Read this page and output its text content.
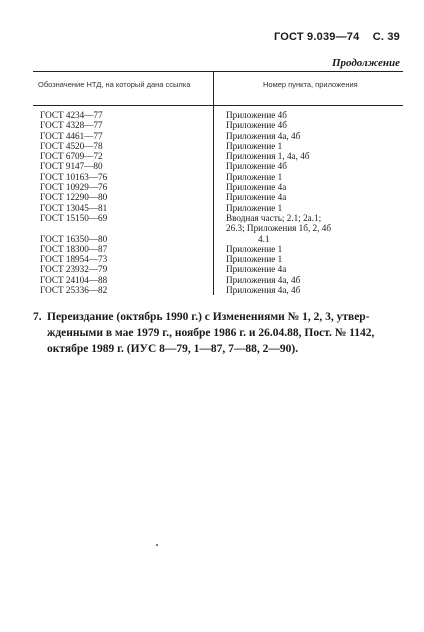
ГОСТ 9.039—74 С. 39
Продолжение
Обозначение НТД, на который дана ссылка	Номер пункта, приложения
ГОСТ 4234—77
ГОСТ 4328—77
ГОСТ 4461—77
ГОСТ 4520—78
ГОСТ 6709—72
ГОСТ 9147—80
ГОСТ 10163—76
ГОСТ 10929—76
ГОСТ 12290—80
ГОСТ 13045—81
ГОСТ 15150—69
ГОСТ 16350—80
ГОСТ 18300—87
ГОСТ 18954—73
ГОСТ 23932—79
ГОСТ 24104—88
ГОСТ 25336—82
Приложение 4б
Приложение 4б
Приложения 4а, 4б
Приложение 1
Приложения 1, 4а, 4б
Приложение 4б
Приложение 1
Приложение 4а
Приложение 4а
Приложение 1
Вводная часть; 2.1; 2а.1;
26.3; Приложения 1б, 2, 4б
4.1
Приложение 1
Приложение 1
Приложение 4а
Приложения 4а, 4б
Приложения 4а, 4б
7. Переиздание (октябрь 1990 г.) с Изменениями № 1, 2, 3, утвер-
жденными в мае 1979 г., ноябре 1986 г. и 26.04.88, Пост. № 1142,
октябре 1989 г. (ИУС 8—79, 1—87, 7—88, 2—90).
